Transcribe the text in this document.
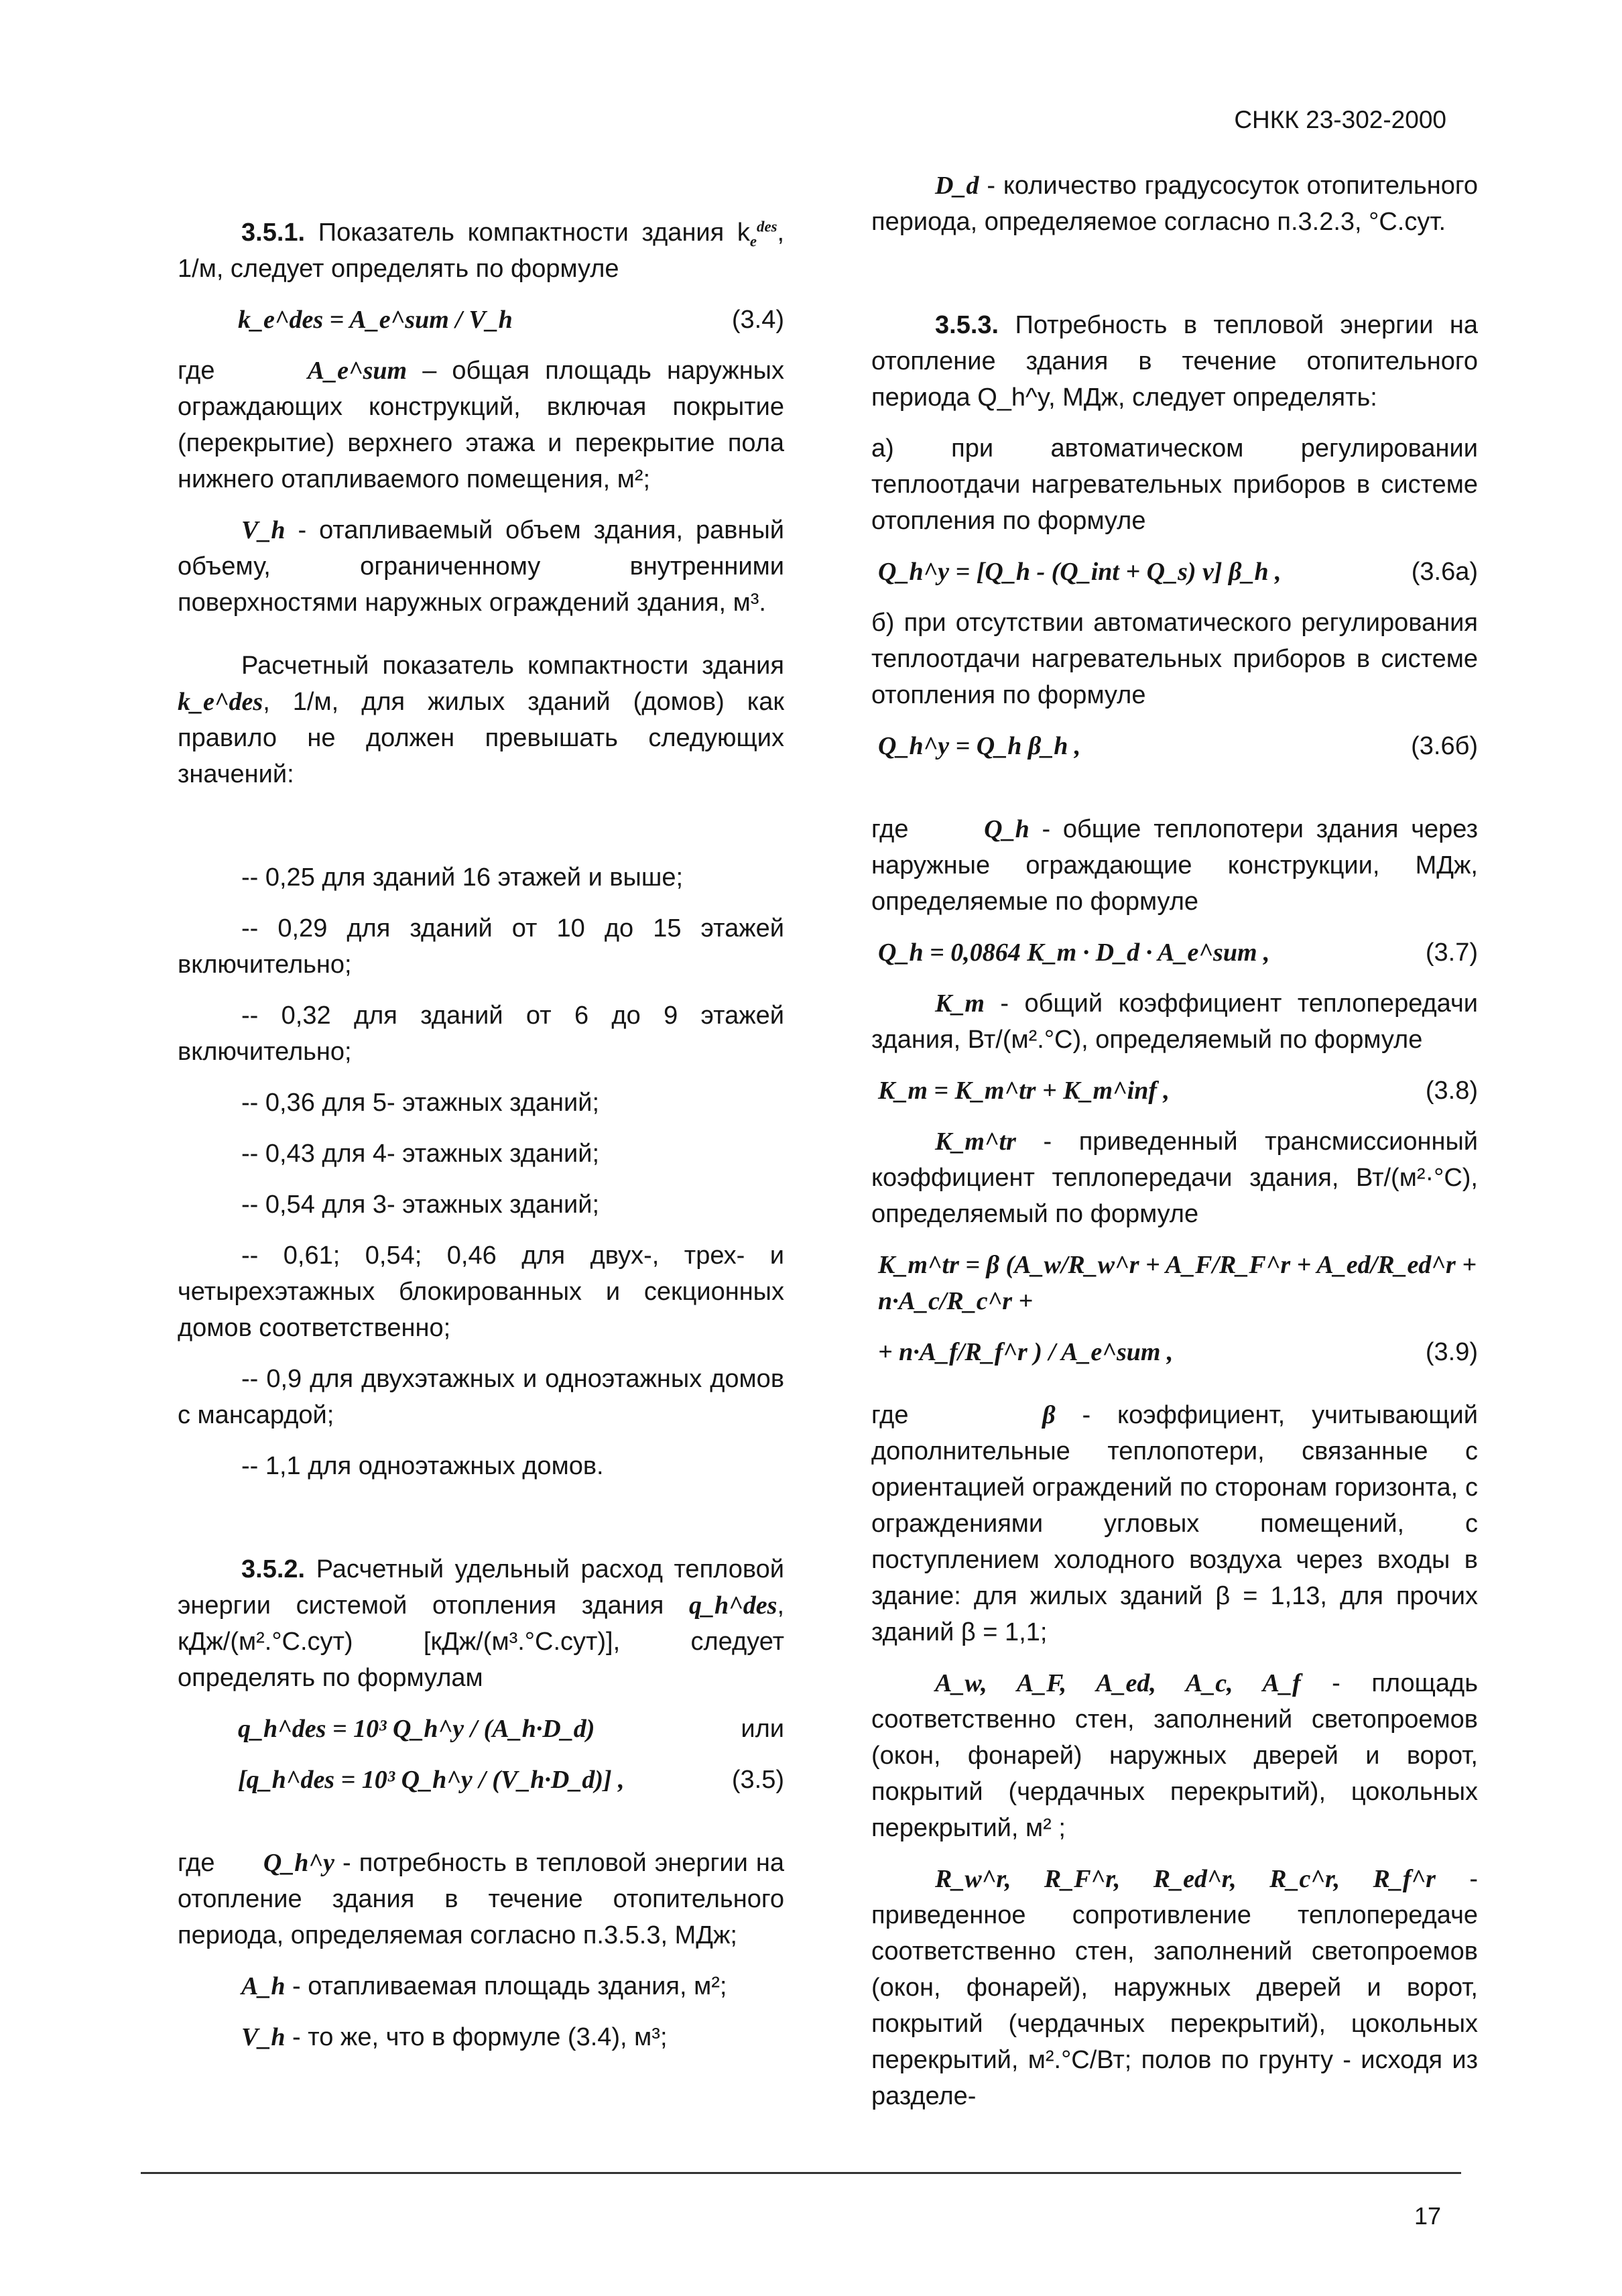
СНКК 23-302-2000

3.5.1. Показатель компактности здания $k_e^{des}$, 1/м, следует определять по формуле

k_e^des = A_e^sum / V_h	(3.4)

где	A_e^sum – общая площадь наружных ограждающих конструкций, включая покрытие (перекрытие) верхнего этажа и перекрытие пола нижнего отапливаемого помещения, м²;

V_h - отапливаемый объем здания, равный объему, ограниченному внутренними поверхностями наружных ограждений здания, м³.

Расчетный показатель компактности здания k_e^des, 1/м, для жилых зданий (домов) как правило не должен превышать следующих значений:

-- 0,25 для зданий 16 этажей и выше;

-- 0,29 для зданий от 10 до 15 этажей включительно;

-- 0,32 для зданий от 6 до 9 этажей включительно;

-- 0,36 для 5- этажных зданий;

-- 0,43 для 4- этажных зданий;

-- 0,54 для 3- этажных зданий;

-- 0,61; 0,54; 0,46 для двух-, трех- и четырехэтажных блокированных и секционных домов соответственно;

-- 0,9 для двухэтажных и одноэтажных домов с мансардой;

-- 1,1 для одноэтажных домов.

3.5.2. Расчетный удельный расход тепловой энергии системой отопления здания q_h^des, кДж/(м².°С.сут) [кДж/(м³.°С.сут)], следует определять по формулам

q_h^des = 10³ Q_h^y / (A_h·D_d)	или
[q_h^des = 10³ Q_h^y / (V_h·D_d)] ,	(3.5)

где Q_h^y - потребность в тепловой энергии на отопление здания в течение отопительного периода, определяемая согласно п.3.5.3, МДж;

A_h - отапливаемая площадь здания, м²;

V_h - то же, что в формуле (3.4), м³;

D_d - количество градусосуток отопительного периода, определяемое согласно п.3.2.3, °С.сут.

3.5.3. Потребность в тепловой энергии на отопление здания в течение отопительного периода Q_h^y, МДж, следует определять:

а) при автоматическом регулировании теплоотдачи нагревательных приборов в системе отопления по формуле

Q_h^y = [Q_h - (Q_int + Q_s) v] β_h ,	(3.6а)

б) при отсутствии автоматического регулирования теплоотдачи нагревательных приборов в системе отопления по формуле

Q_h^y = Q_h β_h ,	(3.6б)

где	Q_h - общие теплопотери здания через наружные ограждающие конструкции, МДж, определяемые по формуле

Q_h = 0,0864 K_m · D_d · A_e^sum ,	(3.7)

K_m - общий коэффициент теплопередачи здания, Вт/(м².°С), определяемый по формуле

K_m = K_m^tr + K_m^inf ,	(3.8)

K_m^tr - приведенный трансмиссионный коэффициент теплопередачи здания, Вт/(м²·°С), определяемый по формуле

K_m^tr = β (A_w/R_w^r + A_F/R_F^r + A_ed/R_ed^r + n·A_c/R_c^r +
+ n·A_f/R_f^r ) / A_e^sum ,	(3.9)

где	β - коэффициент, учитывающий дополнительные теплопотери, связанные с ориентацией ограждений по сторонам горизонта, с ограждениями угловых помещений, с поступлением холодного воздуха через входы в здание: для жилых зданий β = 1,13, для прочих зданий β = 1,1;

A_w, A_F, A_ed, A_c, A_f - площадь соответственно стен, заполнений светопроемов (окон, фонарей) наружных дверей и ворот, покрытий (чердачных перекрытий), цокольных перекрытий, м² ;

R_w^r, R_F^r, R_ed^r, R_c^r, R_f^r - приведенное сопротивление теплопередаче соответственно стен, заполнений светопроемов (окон, фонарей), наружных дверей и ворот, покрытий (чердачных перекрытий), цокольных перекрытий, м².°С/Вт; полов по грунту - исходя из разделе-

17
